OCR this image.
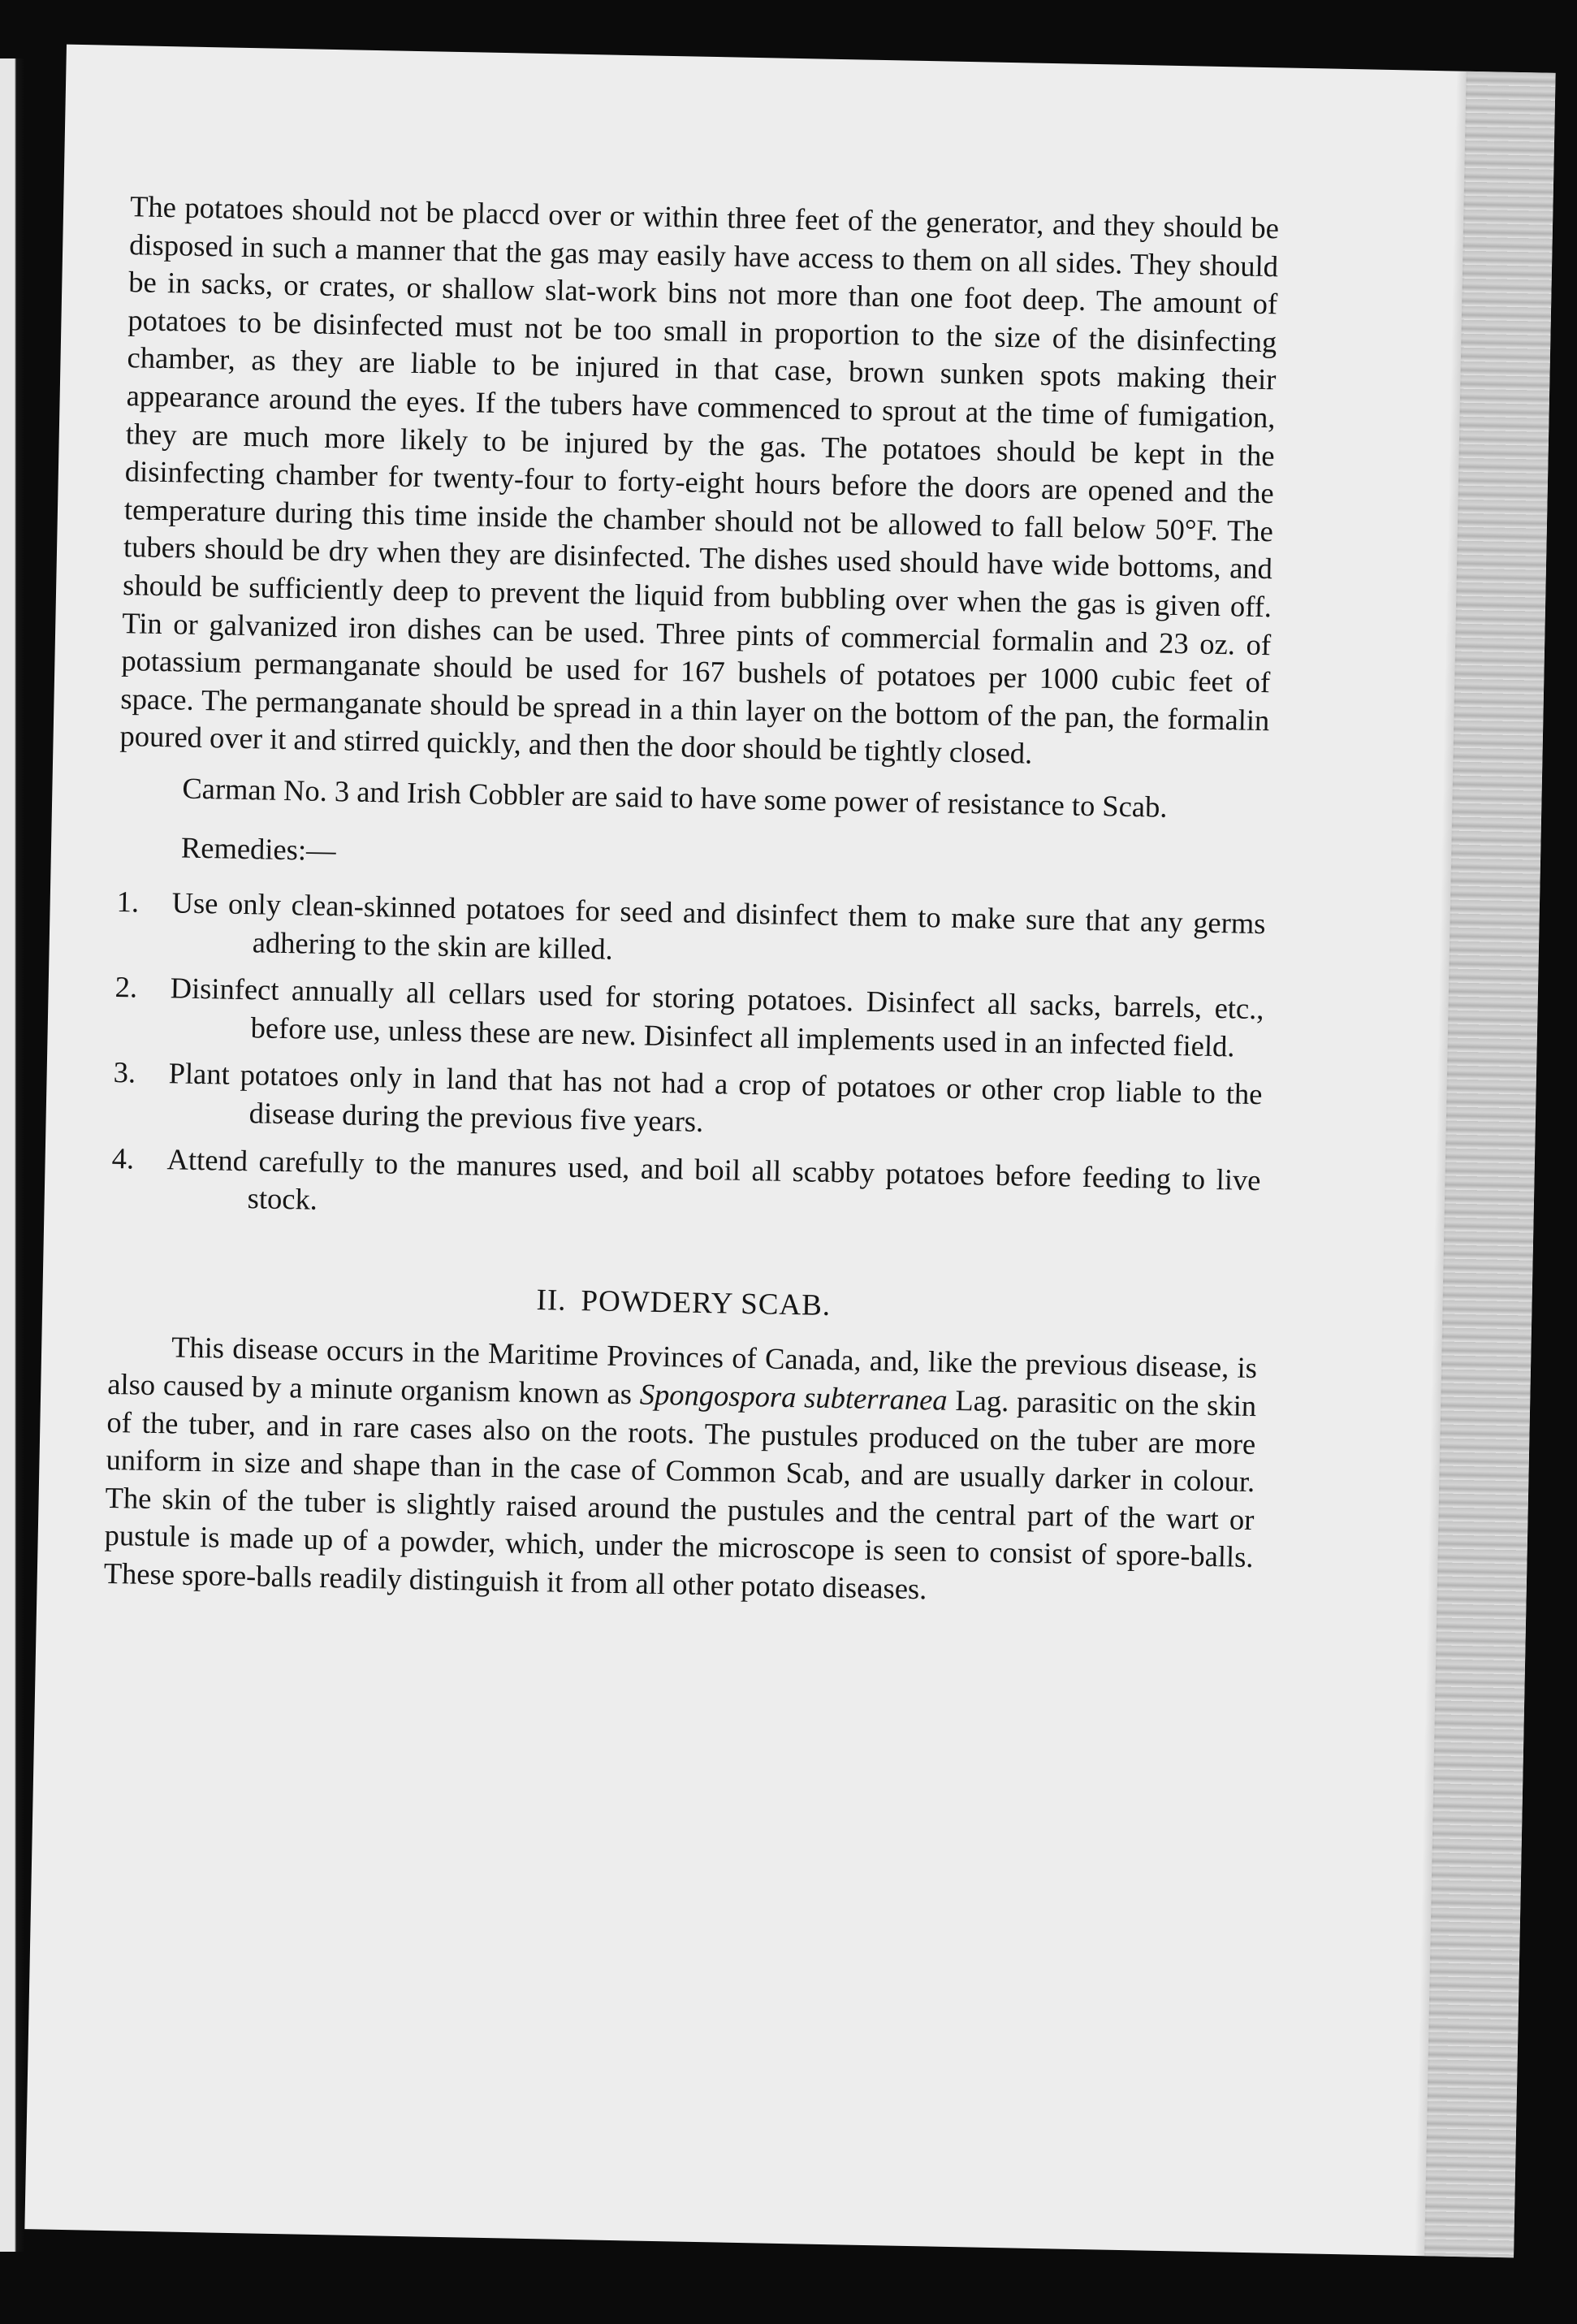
The potatoes should not be placcd over or within three feet of the generator, and they should be disposed in such a manner that the gas may easily have access to them on all sides. They should be in sacks, or crates, or shallow slat-work bins not more than one foot deep. The amount of potatoes to be disinfected must not be too small in proportion to the size of the disinfecting chamber, as they are liable to be injured in that case, brown sunken spots making their appearance around the eyes. If the tubers have commenced to sprout at the time of fumigation, they are much more likely to be injured by the gas. The potatoes should be kept in the disinfecting chamber for twenty-four to forty-eight hours before the doors are opened and the temperature during this time inside the chamber should not be allowed to fall below 50°F. The tubers should be dry when they are disinfected. The dishes used should have wide bottoms, and should be sufficiently deep to prevent the liquid from bubbling over when the gas is given off. Tin or galvanized iron dishes can be used. Three pints of commercial formalin and 23 oz. of potassium permanganate should be used for 167 bushels of potatoes per 1000 cubic feet of space. The permanganate should be spread in a thin layer on the bottom of the pan, the formalin poured over it and stirred quickly, and then the door should be tightly closed.

Carman No. 3 and Irish Cobbler are said to have some power of resistance to Scab.

Remedies:—

1. Use only clean-skinned potatoes for seed and disinfect them to make sure that any germs adhering to the skin are killed.
2. Disinfect annually all cellars used for storing potatoes. Disinfect all sacks, barrels, etc., before use, unless these are new. Disinfect all implements used in an infected field.
3. Plant potatoes only in land that has not had a crop of potatoes or other crop liable to the disease during the previous five years.
4. Attend carefully to the manures used, and boil all scabby potatoes before feeding to live stock.

II. POWDERY SCAB.

This disease occurs in the Maritime Provinces of Canada, and, like the previous disease, is also caused by a minute organism known as Spongospora subterranea Lag. parasitic on the skin of the tuber, and in rare cases also on the roots. The pustules produced on the tuber are more uniform in size and shape than in the case of Common Scab, and are usually darker in colour. The skin of the tuber is slightly raised around the pustules and the central part of the wart or pustule is made up of a powder, which, under the microscope is seen to consist of spore-balls. These spore-balls readily distinguish it from all other potato diseases.
